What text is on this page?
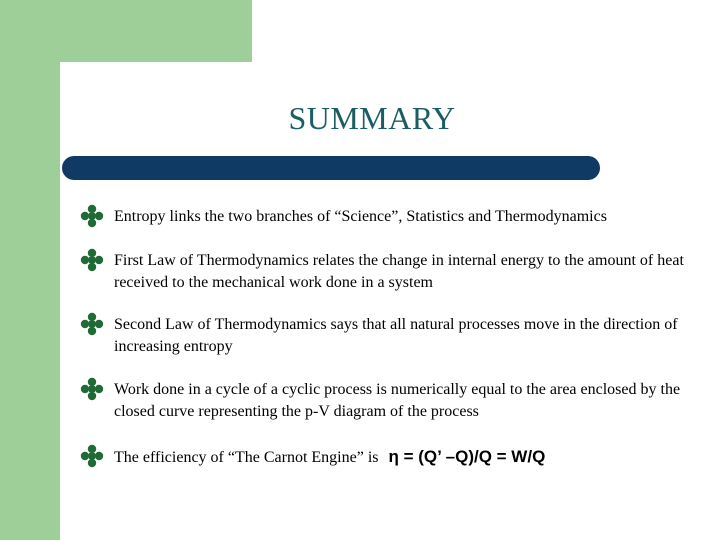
SUMMARY
Entropy links the two branches of “Science”, Statistics and Thermodynamics
First Law of Thermodynamics relates the change in internal energy to the amount of heat received to the mechanical work done in a system
Second Law of Thermodynamics says that all natural processes move in the direction of increasing entropy
Work done in a cycle of a cyclic process is numerically equal to the area enclosed by the closed curve representing the p-V diagram of the process
The efficiency of “The Carnot Engine” is η = (Q’ –Q)/Q = W/Q
